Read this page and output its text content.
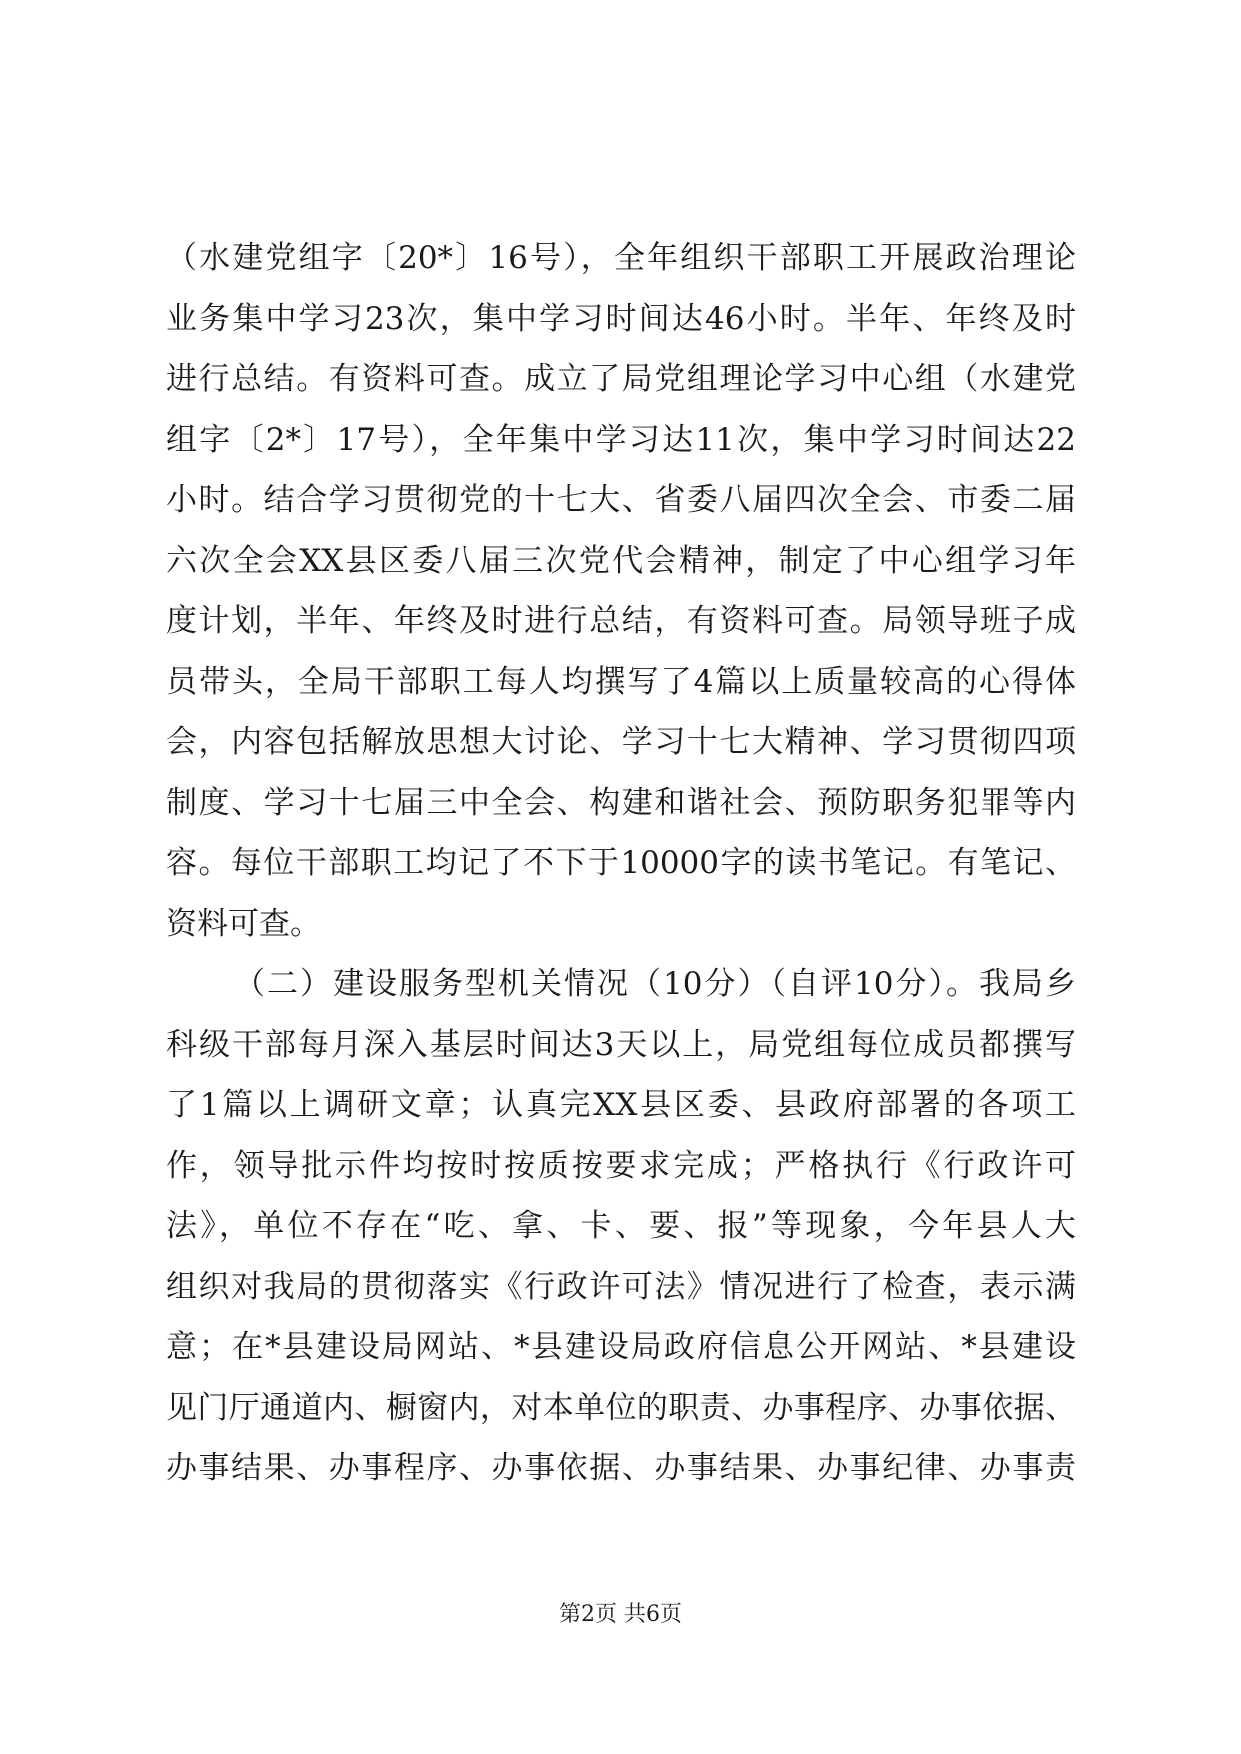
（水建党组字〔20*〕16号），全年组织干部职工开展政治理论
业务集中学习23次，集中学习时间达46小时。半年、年终及时
进行总结。有资料可查。成立了局党组理论学习中心组（水建党
组字〔2*〕17号），全年集中学习达11次，集中学习时间达22
小时。结合学习贯彻党的十七大、省委八届四次全会、市委二届
六次全会XX县区委八届三次党代会精神，制定了中心组学习年
度计划，半年、年终及时进行总结，有资料可查。局领导班子成
员带头，全局干部职工每人均撰写了4篇以上质量较高的心得体
会，内容包括解放思想大讨论、学习十七大精神、学习贯彻四项
制度、学习十七届三中全会、构建和谐社会、预防职务犯罪等内
容。每位干部职工均记了不下于10000字的读书笔记。有笔记、
资料可查。
（二）建设服务型机关情况（10分）（自评10分）。我局乡
科级干部每月深入基层时间达3天以上，局党组每位成员都撰写
了1篇以上调研文章；认真完XX县区委、县政府部署的各项工
作，领导批示件均按时按质按要求完成；严格执行《行政许可
法》，单位不存在“吃、拿、卡、要、报”等现象，今年县人大
组织对我局的贯彻落实《行政许可法》情况进行了检查，表示满
意；在*县建设局网站、*县建设局政府信息公开网站、*县建设
见门厅通道内、橱窗内，对本单位的职责、办事程序、办事依据、
办事结果、办事程序、办事依据、办事结果、办事纪律、办事责
第2页 共6页
